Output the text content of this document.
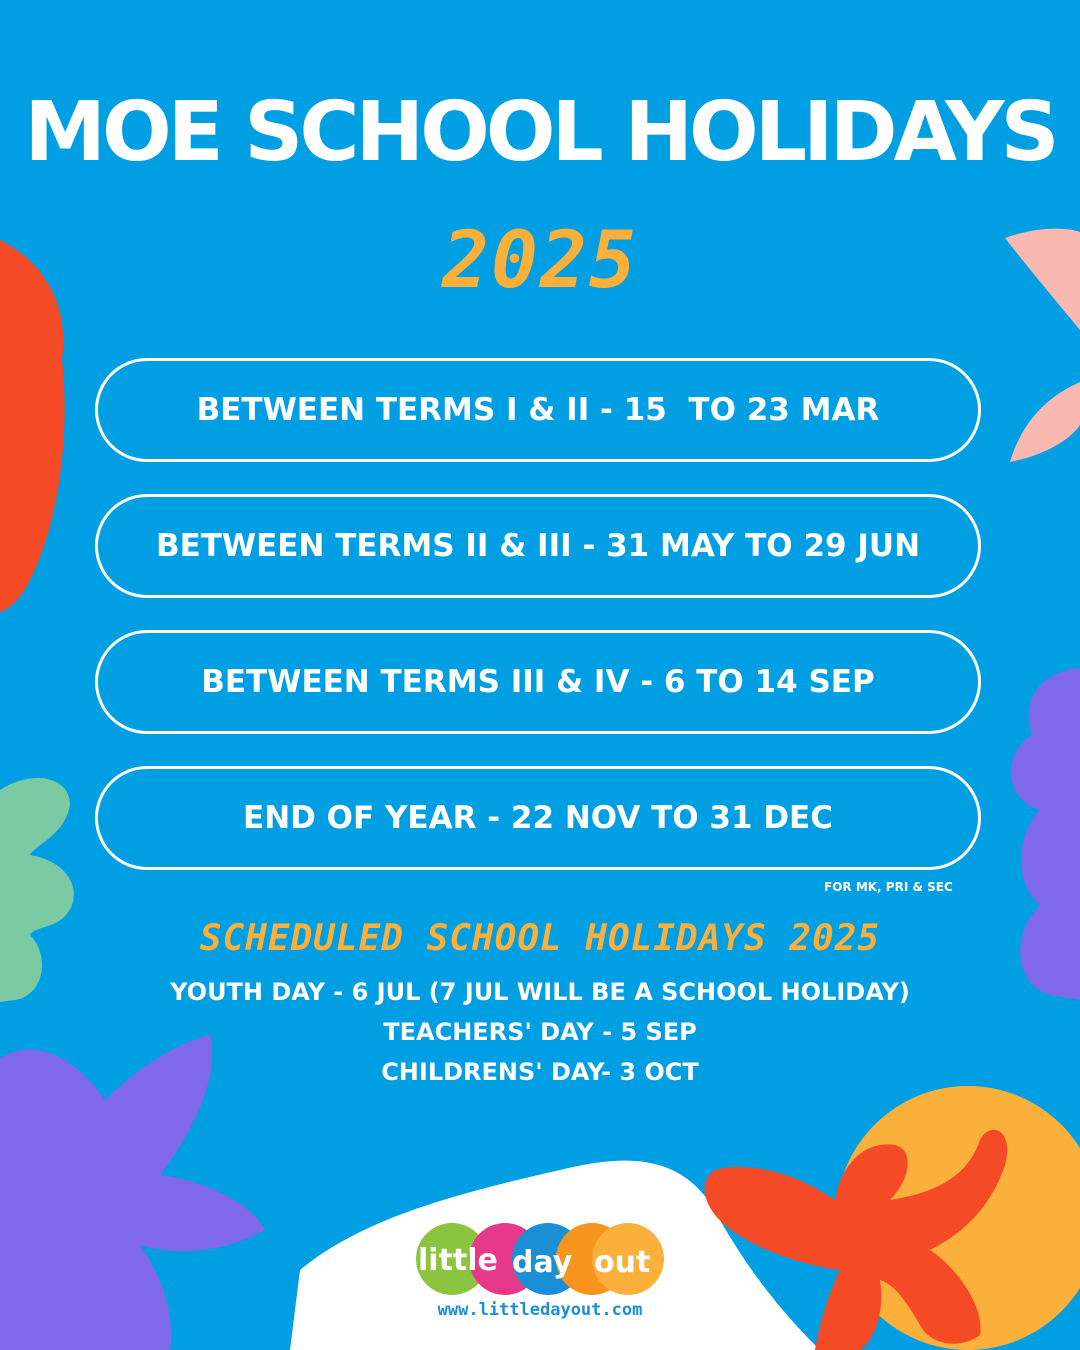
little day out
MOE SCHOOL HOLIDAYS
2025
BETWEEN TERMS I & II - 15  TO 23 MAR
BETWEEN TERMS II & III - 31 MAY TO 29 JUN
BETWEEN TERMS III & IV - 6 TO 14 SEP
END OF YEAR - 22 NOV TO 31 DEC
FOR MK, PRI & SEC
SCHEDULED SCHOOL HOLIDAYS 2025
YOUTH DAY - 6 JUL (7 JUL WILL BE A SCHOOL HOLIDAY)
TEACHERS' DAY - 5 SEP
CHILDRENS' DAY- 3 OCT
www.littledayout.com
